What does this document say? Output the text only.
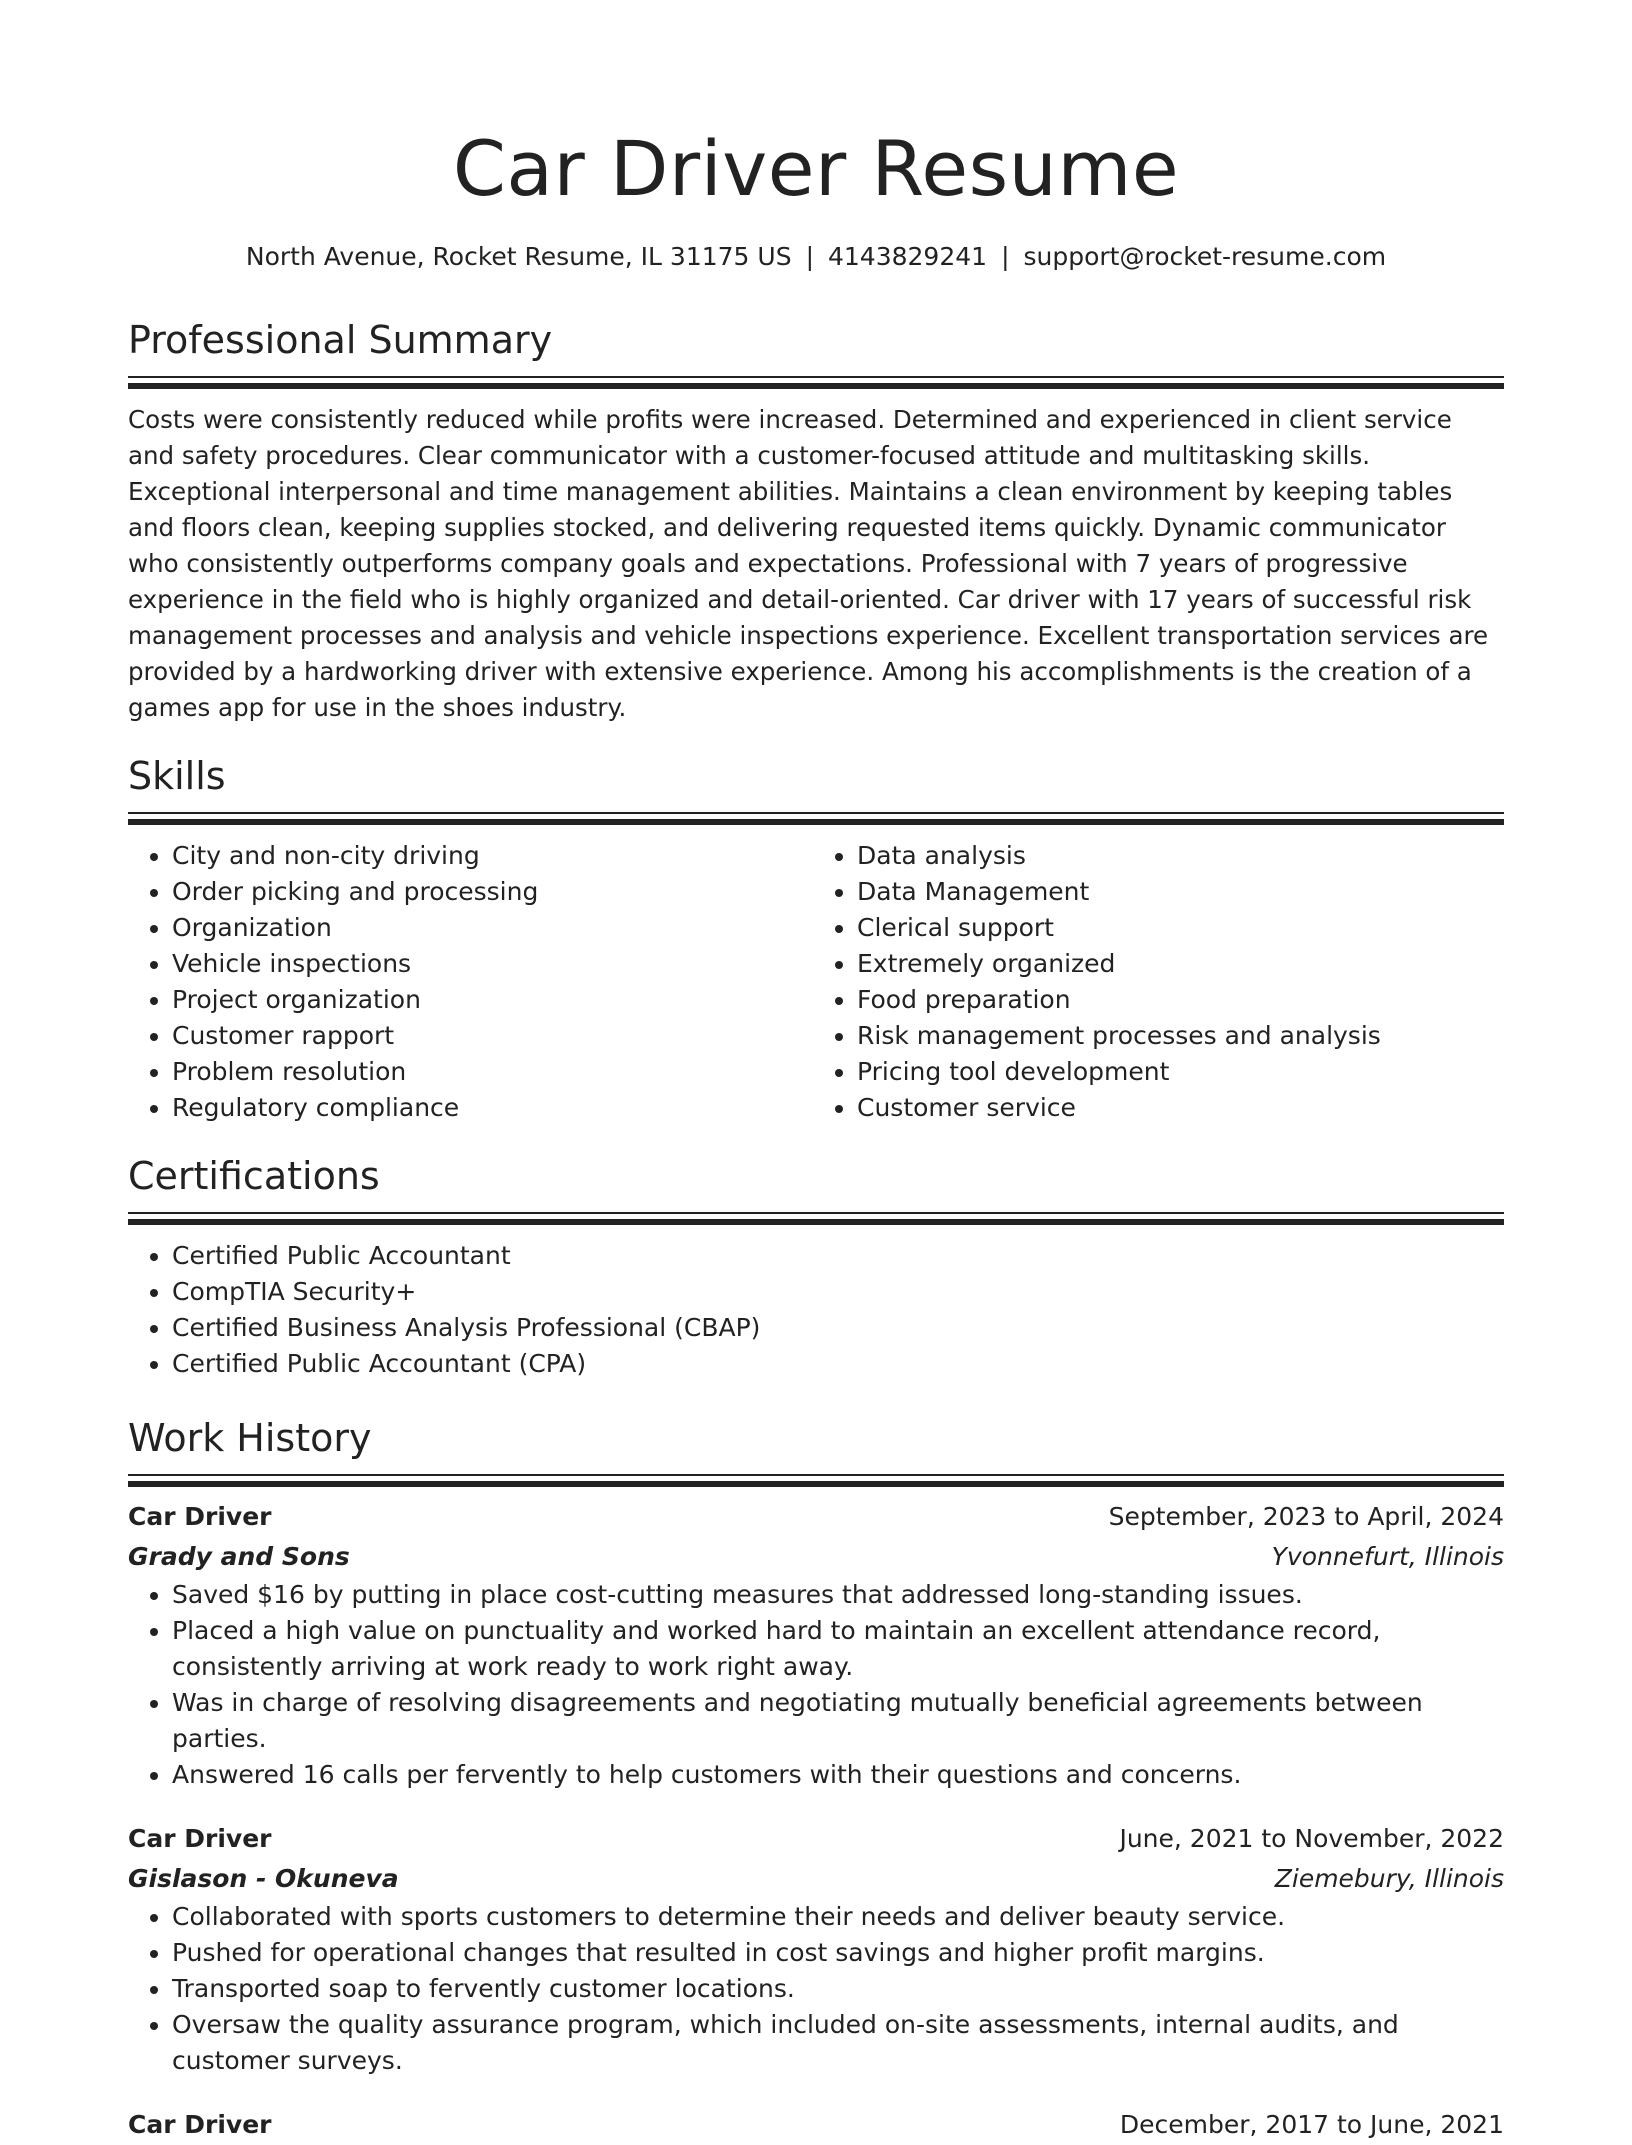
Car Driver Resume
North Avenue, Rocket Resume, IL 31175 US | 4143829241 | support@rocket-resume.com
Professional Summary
Costs were consistently reduced while profits were increased. Determined and experienced in client service and safety procedures. Clear communicator with a customer-focused attitude and multitasking skills. Exceptional interpersonal and time management abilities. Maintains a clean environment by keeping tables and floors clean, keeping supplies stocked, and delivering requested items quickly. Dynamic communicator who consistently outperforms company goals and expectations. Professional with 7 years of progressive experience in the field who is highly organized and detail-oriented. Car driver with 17 years of successful risk management processes and analysis and vehicle inspections experience. Excellent transportation services are provided by a hardworking driver with extensive experience. Among his accomplishments is the creation of a games app for use in the shoes industry.
Skills
• City and non-city driving
• Order picking and processing
• Organization
• Vehicle inspections
• Project organization
• Customer rapport
• Problem resolution
• Regulatory compliance
• Data analysis
• Data Management
• Clerical support
• Extremely organized
• Food preparation
• Risk management processes and analysis
• Pricing tool development
• Customer service
Certifications
• Certified Public Accountant
• CompTIA Security+
• Certified Business Analysis Professional (CBAP)
• Certified Public Accountant (CPA)
Work History
Car Driver	September, 2023 to April, 2024
Grady and Sons	Yvonnefurt, Illinois
• Saved $16 by putting in place cost-cutting measures that addressed long-standing issues.
• Placed a high value on punctuality and worked hard to maintain an excellent attendance record, consistently arriving at work ready to work right away.
• Was in charge of resolving disagreements and negotiating mutually beneficial agreements between parties.
• Answered 16 calls per fervently to help customers with their questions and concerns.
Car Driver	June, 2021 to November, 2022
Gislason - Okuneva	Ziemebury, Illinois
• Collaborated with sports customers to determine their needs and deliver beauty service.
• Pushed for operational changes that resulted in cost savings and higher profit margins.
• Transported soap to fervently customer locations.
• Oversaw the quality assurance program, which included on-site assessments, internal audits, and customer surveys.
Car Driver	December, 2017 to June, 2021
